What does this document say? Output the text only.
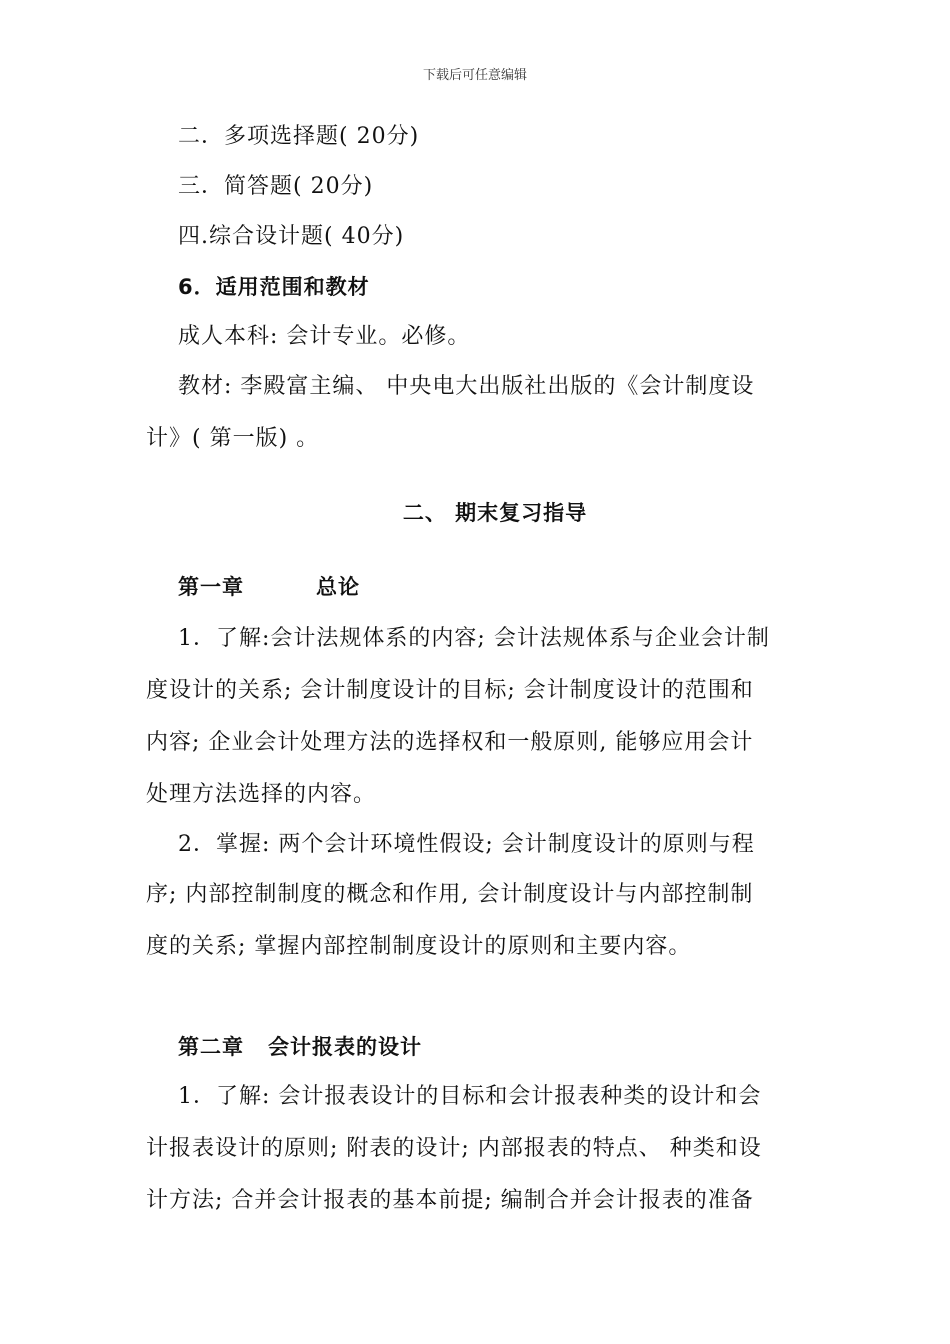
下载后可任意编辑
二．多项选择题( 20分)
三．简答题( 20分)
四.综合设计题( 40分)
6．适用范围和教材
成人本科: 会计专业。必修。
教材: 李殿富主编、 中央电大出版社出版的《会计制度设
计》( 第一版) 。
二、 期末复习指导
第一章	总论
1．了解:会计法规体系的内容; 会计法规体系与企业会计制
度设计的关系; 会计制度设计的目标; 会计制度设计的范围和
内容; 企业会计处理方法的选择权和一般原则, 能够应用会计
处理方法选择的内容。
2．掌握: 两个会计环境性假设; 会计制度设计的原则与程
序; 内部控制制度的概念和作用, 会计制度设计与内部控制制
度的关系; 掌握内部控制制度设计的原则和主要内容。
第二章 会计报表的设计
1．了解: 会计报表设计的目标和会计报表种类的设计和会
计报表设计的原则; 附表的设计; 内部报表的特点、 种类和设
计方法; 合并会计报表的基本前提; 编制合并会计报表的准备
